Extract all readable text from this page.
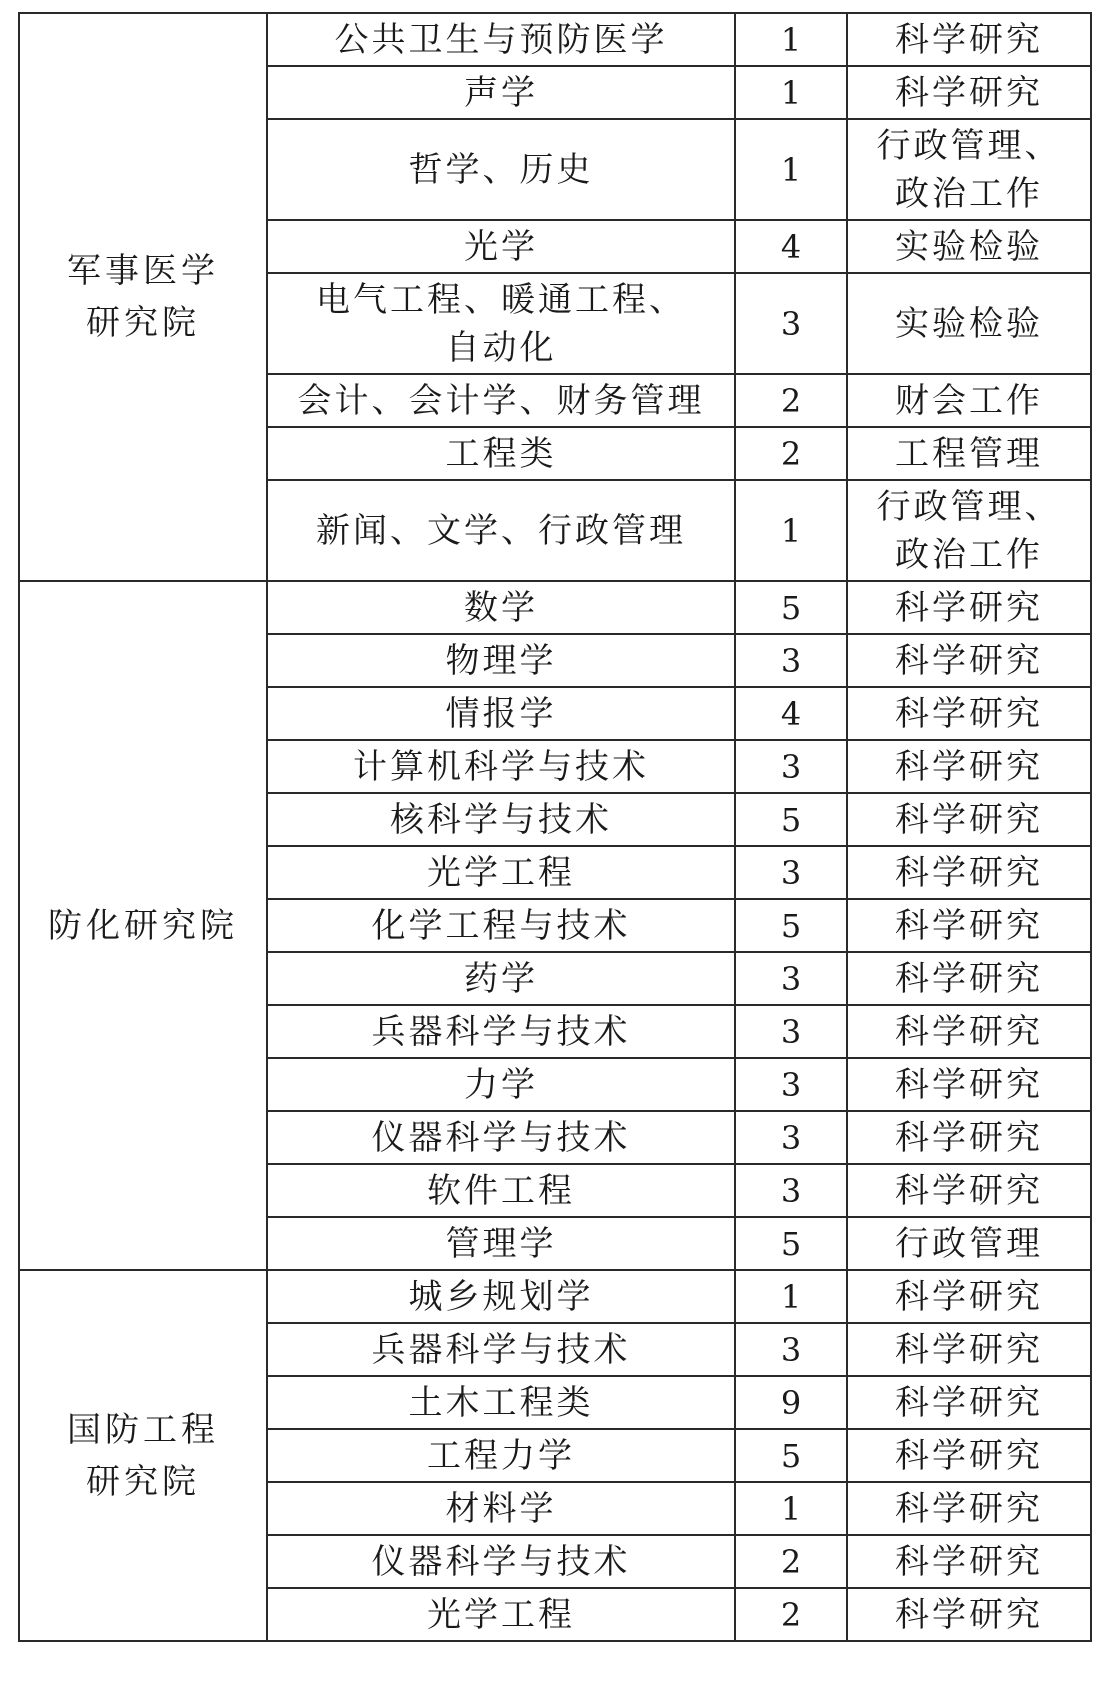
军事医学
研究院	公共卫生与预防医学	1	科学研究
	声学	1	科学研究
	哲学、历史	1	行政管理、
政治工作
	光学	4	实验检验
	电气工程、暖通工程、
自动化	3	实验检验
	会计、会计学、财务管理	2	财会工作
	工程类	2	工程管理
	新闻、文学、行政管理	1	行政管理、
政治工作
防化研究院	数学	5	科学研究
	物理学	3	科学研究
	情报学	4	科学研究
	计算机科学与技术	3	科学研究
	核科学与技术	5	科学研究
	光学工程	3	科学研究
	化学工程与技术	5	科学研究
	药学	3	科学研究
	兵器科学与技术	3	科学研究
	力学	3	科学研究
	仪器科学与技术	3	科学研究
	软件工程	3	科学研究
	管理学	5	行政管理
国防工程
研究院	城乡规划学	1	科学研究
	兵器科学与技术	3	科学研究
	土木工程类	9	科学研究
	工程力学	5	科学研究
	材料学	1	科学研究
	仪器科学与技术	2	科学研究
	光学工程	2	科学研究
